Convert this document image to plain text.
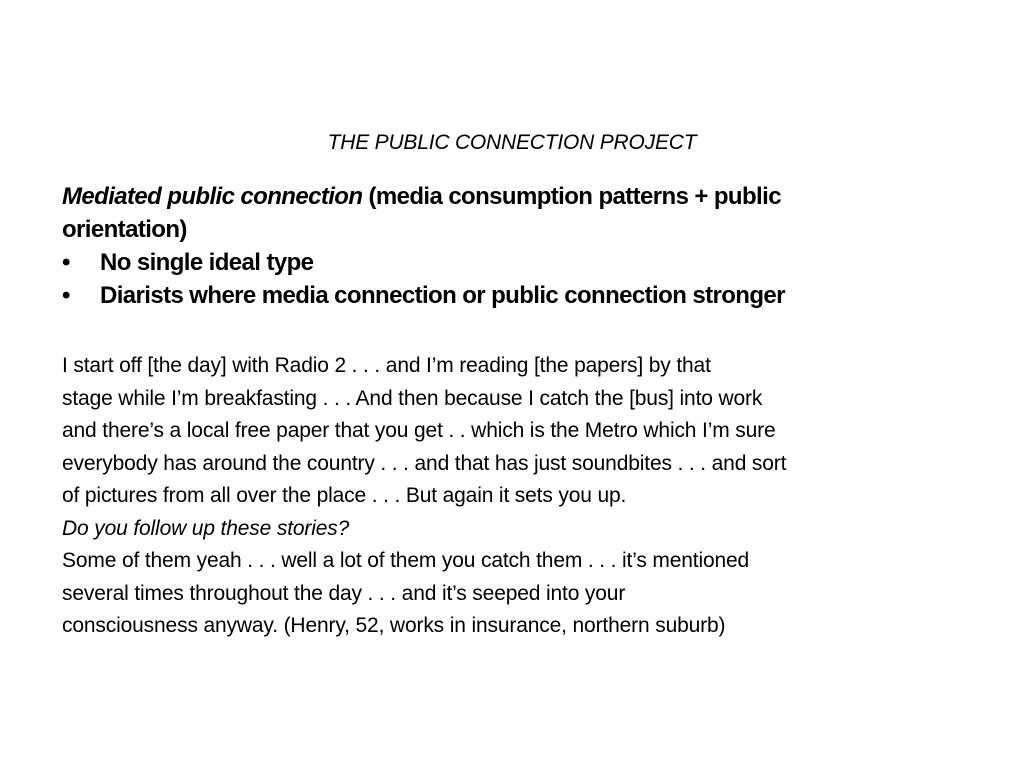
THE PUBLIC CONNECTION PROJECT
Mediated public connection (media consumption patterns + public
orientation)
•	No single ideal type
•	Diarists where media connection or public connection stronger
I start off [the day] with Radio 2 . . . and I’m reading [the papers] by that
stage while I’m breakfasting . . . And then because I catch the [bus] into work
and there’s a local free paper that you get . . which is the Metro which I’m sure
everybody has around the country . . . and that has just soundbites . . . and sort
of pictures from all over the place . . . But again it sets you up.
Do you follow up these stories?
Some of them yeah . . . well a lot of them you catch them . . . it’s mentioned
several times throughout the day . . . and it’s seeped into your
consciousness anyway. (Henry, 52, works in insurance, northern suburb)
